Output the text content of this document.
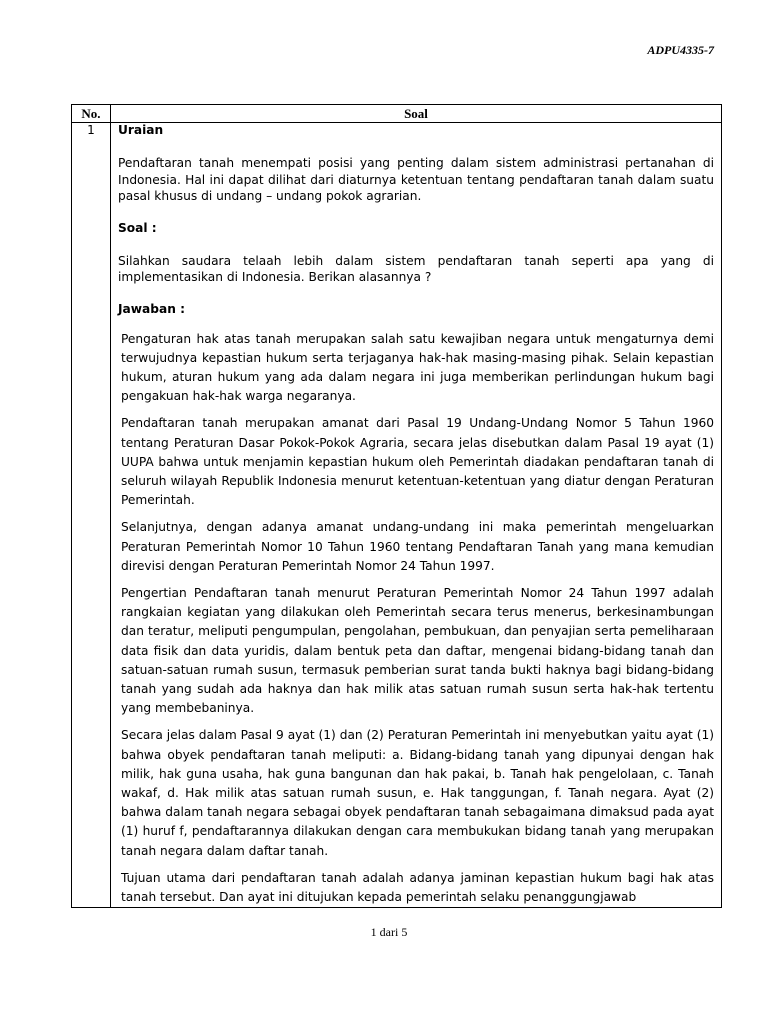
ADPU4335-7
No.	Soal
1	Uraian

Pendaftaran tanah menempati posisi yang penting dalam sistem administrasi pertanahan di Indonesia. Hal ini dapat dilihat dari diaturnya ketentuan tentang pendaftaran tanah dalam suatu pasal khusus di undang – undang pokok agrarian.

Soal :

Silahkan saudara telaah lebih dalam sistem pendaftaran tanah seperti apa yang di implementasikan di Indonesia. Berikan alasannya ?

Jawaban :

Pengaturan hak atas tanah merupakan salah satu kewajiban negara untuk mengaturnya demi terwujudnya kepastian hukum serta terjaganya hak-hak masing-masing pihak. Selain kepastian hukum, aturan hukum yang ada dalam negara ini juga memberikan perlindungan hukum bagi pengakuan hak-hak warga negaranya.

Pendaftaran tanah merupakan amanat dari Pasal 19 Undang-Undang Nomor 5 Tahun 1960 tentang Peraturan Dasar Pokok-Pokok Agraria, secara jelas disebutkan dalam Pasal 19 ayat (1) UUPA bahwa untuk menjamin kepastian hukum oleh Pemerintah diadakan pendaftaran tanah di seluruh wilayah Republik Indonesia menurut ketentuan-ketentuan yang diatur dengan Peraturan Pemerintah.

Selanjutnya, dengan adanya amanat undang-undang ini maka pemerintah mengeluarkan Peraturan Pemerintah Nomor 10 Tahun 1960 tentang Pendaftaran Tanah yang mana kemudian direvisi dengan Peraturan Pemerintah Nomor 24 Tahun 1997.

Pengertian Pendaftaran tanah menurut Peraturan Pemerintah Nomor 24 Tahun 1997 adalah rangkaian kegiatan yang dilakukan oleh Pemerintah secara terus menerus, berkesinambungan dan teratur, meliputi pengumpulan, pengolahan, pembukuan, dan penyajian serta pemeliharaan data fisik dan data yuridis, dalam bentuk peta dan daftar, mengenai bidang-bidang tanah dan satuan-satuan rumah susun, termasuk pemberian surat tanda bukti haknya bagi bidang-bidang tanah yang sudah ada haknya dan hak milik atas satuan rumah susun serta hak-hak tertentu yang membebaninya.

Secara jelas dalam Pasal 9 ayat (1) dan (2) Peraturan Pemerintah ini menyebutkan yaitu ayat (1) bahwa obyek pendaftaran tanah meliputi: a. Bidang-bidang tanah yang dipunyai dengan hak milik, hak guna usaha, hak guna bangunan dan hak pakai, b. Tanah hak pengelolaan, c. Tanah wakaf, d. Hak milik atas satuan rumah susun, e. Hak tanggungan, f. Tanah negara. Ayat (2) bahwa dalam tanah negara sebagai obyek pendaftaran tanah sebagaimana dimaksud pada ayat (1) huruf f, pendaftarannya dilakukan dengan cara membukukan bidang tanah yang merupakan tanah negara dalam daftar tanah.

Tujuan utama dari pendaftaran tanah adalah adanya jaminan kepastian hukum bagi hak atas tanah tersebut. Dan ayat ini ditujukan kepada pemerintah selaku penanggungjawab

1 dari 5
